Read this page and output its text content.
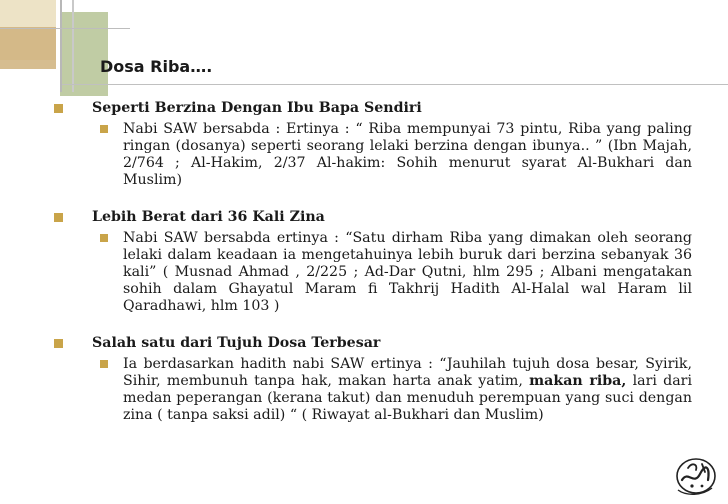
Dosa Riba….

Seperti Berzina Dengan Ibu Bapa Sendiri

Nabi SAW bersabda : Ertinya : “ Riba mempunyai 73 pintu, Riba yang paling ringan (dosanya) seperti seorang lelaki berzina dengan ibunya.. ” (Ibn Majah, 2/764 ; Al-Hakim, 2/37 Al-hakim: Sohih menurut syarat Al-Bukhari dan Muslim)

Lebih Berat dari 36 Kali Zina

Nabi SAW bersabda ertinya : “Satu dirham Riba yang dimakan oleh seorang lelaki dalam keadaan ia mengetahuinya lebih buruk dari berzina sebanyak 36 kali” ( Musnad Ahmad , 2/225 ; Ad-Dar Qutni, hlm 295 ; Albani mengatakan sohih dalam Ghayatul Maram fi Takhrij Hadith Al-Halal wal Haram lil Qaradhawi, hlm 103 )

Salah satu dari Tujuh Dosa Terbesar

Ia berdasarkan hadith nabi SAW ertinya : “Jauhilah tujuh dosa besar, Syirik, Sihir, membunuh tanpa hak, makan harta anak yatim, makan riba, lari dari medan peperangan (kerana takut) dan menuduh perempuan yang suci dengan zina ( tanpa saksi adil) “ ( Riwayat al-Bukhari dan Muslim)
